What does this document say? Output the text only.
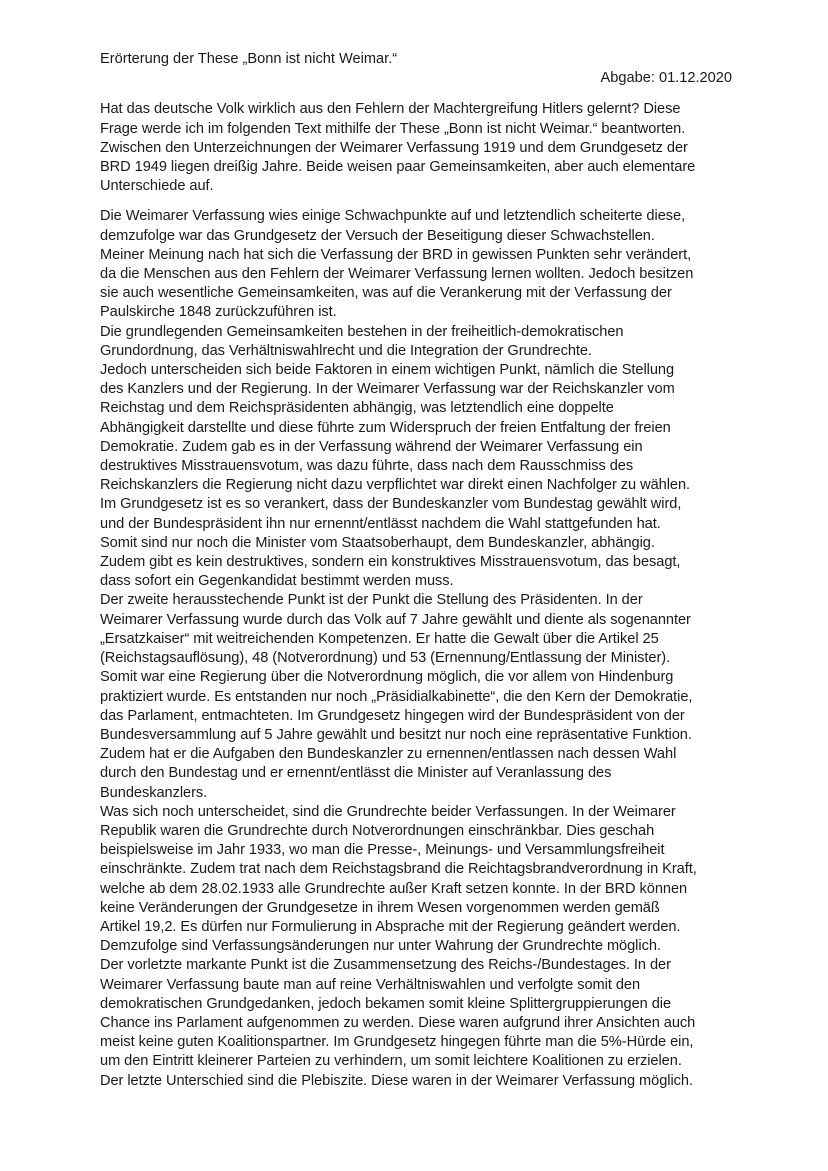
Erörterung der These „Bonn ist nicht Weimar.“

Abgabe: 01.12.2020

Hat das deutsche Volk wirklich aus den Fehlern der Machtergreifung Hitlers gelernt? Diese
Frage werde ich im folgenden Text mithilfe der These „Bonn ist nicht Weimar.“ beantworten.
Zwischen den Unterzeichnungen der Weimarer Verfassung 1919 und dem Grundgesetz der
BRD 1949 liegen dreißig Jahre. Beide weisen paar Gemeinsamkeiten, aber auch elementare
Unterschiede auf.

Die Weimarer Verfassung wies einige Schwachpunkte auf und letztendlich scheiterte diese,
demzufolge war das Grundgesetz der Versuch der Beseitigung dieser Schwachstellen.
Meiner Meinung nach hat sich die Verfassung der BRD in gewissen Punkten sehr verändert,
da die Menschen aus den Fehlern der Weimarer Verfassung lernen wollten. Jedoch besitzen
sie auch wesentliche Gemeinsamkeiten, was auf die Verankerung mit der Verfassung der
Paulskirche 1848 zurückzuführen ist.
Die grundlegenden Gemeinsamkeiten bestehen in der freiheitlich-demokratischen
Grundordnung, das Verhältniswahlrecht und die Integration der Grundrechte.
Jedoch unterscheiden sich beide Faktoren in einem wichtigen Punkt, nämlich die Stellung
des Kanzlers und der Regierung. In der Weimarer Verfassung war der Reichskanzler vom
Reichstag und dem Reichspräsidenten abhängig, was letztendlich eine doppelte
Abhängigkeit darstellte und diese führte zum Widerspruch der freien Entfaltung der freien
Demokratie. Zudem gab es in der Verfassung während der Weimarer Verfassung ein
destruktives Misstrauensvotum, was dazu führte, dass nach dem Rausschmiss des
Reichskanzlers die Regierung nicht dazu verpflichtet war direkt einen Nachfolger zu wählen.
Im Grundgesetz ist es so verankert, dass der Bundeskanzler vom Bundestag gewählt wird,
und der Bundespräsident ihn nur ernennt/entlässt nachdem die Wahl stattgefunden hat.
Somit sind nur noch die Minister vom Staatsoberhaupt, dem Bundeskanzler, abhängig.
Zudem gibt es kein destruktives, sondern ein konstruktives Misstrauensvotum, das besagt,
dass sofort ein Gegenkandidat bestimmt werden muss.
Der zweite herausstechende Punkt ist der Punkt die Stellung des Präsidenten. In der
Weimarer Verfassung wurde durch das Volk auf 7 Jahre gewählt und diente als sogenannter
„Ersatzkaiser“ mit weitreichenden Kompetenzen. Er hatte die Gewalt über die Artikel 25
(Reichstagsauflösung), 48 (Notverordnung) und 53 (Ernennung/Entlassung der Minister).
Somit war eine Regierung über die Notverordnung möglich, die vor allem von Hindenburg
praktiziert wurde. Es entstanden nur noch „Präsidialkabinette“, die den Kern der Demokratie,
das Parlament, entmachteten. Im Grundgesetz hingegen wird der Bundespräsident von der
Bundesversammlung auf 5 Jahre gewählt und besitzt nur noch eine repräsentative Funktion.
Zudem hat er die Aufgaben den Bundeskanzler zu ernennen/entlassen nach dessen Wahl
durch den Bundestag und er ernennt/entlässt die Minister auf Veranlassung des
Bundeskanzlers.
Was sich noch unterscheidet, sind die Grundrechte beider Verfassungen. In der Weimarer
Republik waren die Grundrechte durch Notverordnungen einschränkbar. Dies geschah
beispielsweise im Jahr 1933, wo man die Presse-, Meinungs- und Versammlungsfreiheit
einschränkte. Zudem trat nach dem Reichstagsbrand die Reichtagsbrandverordnung in Kraft,
welche ab dem 28.02.1933 alle Grundrechte außer Kraft setzen konnte. In der BRD können
keine Veränderungen der Grundgesetze in ihrem Wesen vorgenommen werden gemäß
Artikel 19,2. Es dürfen nur Formulierung in Absprache mit der Regierung geändert werden.
Demzufolge sind Verfassungsänderungen nur unter Wahrung der Grundrechte möglich.
Der vorletzte markante Punkt ist die Zusammensetzung des Reichs-/Bundestages. In der
Weimarer Verfassung baute man auf reine Verhältniswahlen und verfolgte somit den
demokratischen Grundgedanken, jedoch bekamen somit kleine Splittergruppierungen die
Chance ins Parlament aufgenommen zu werden. Diese waren aufgrund ihrer Ansichten auch
meist keine guten Koalitionspartner. Im Grundgesetz hingegen führte man die 5%-Hürde ein,
um den Eintritt kleinerer Parteien zu verhindern, um somit leichtere Koalitionen zu erzielen.
Der letzte Unterschied sind die Plebiszite. Diese waren in der Weimarer Verfassung möglich.
